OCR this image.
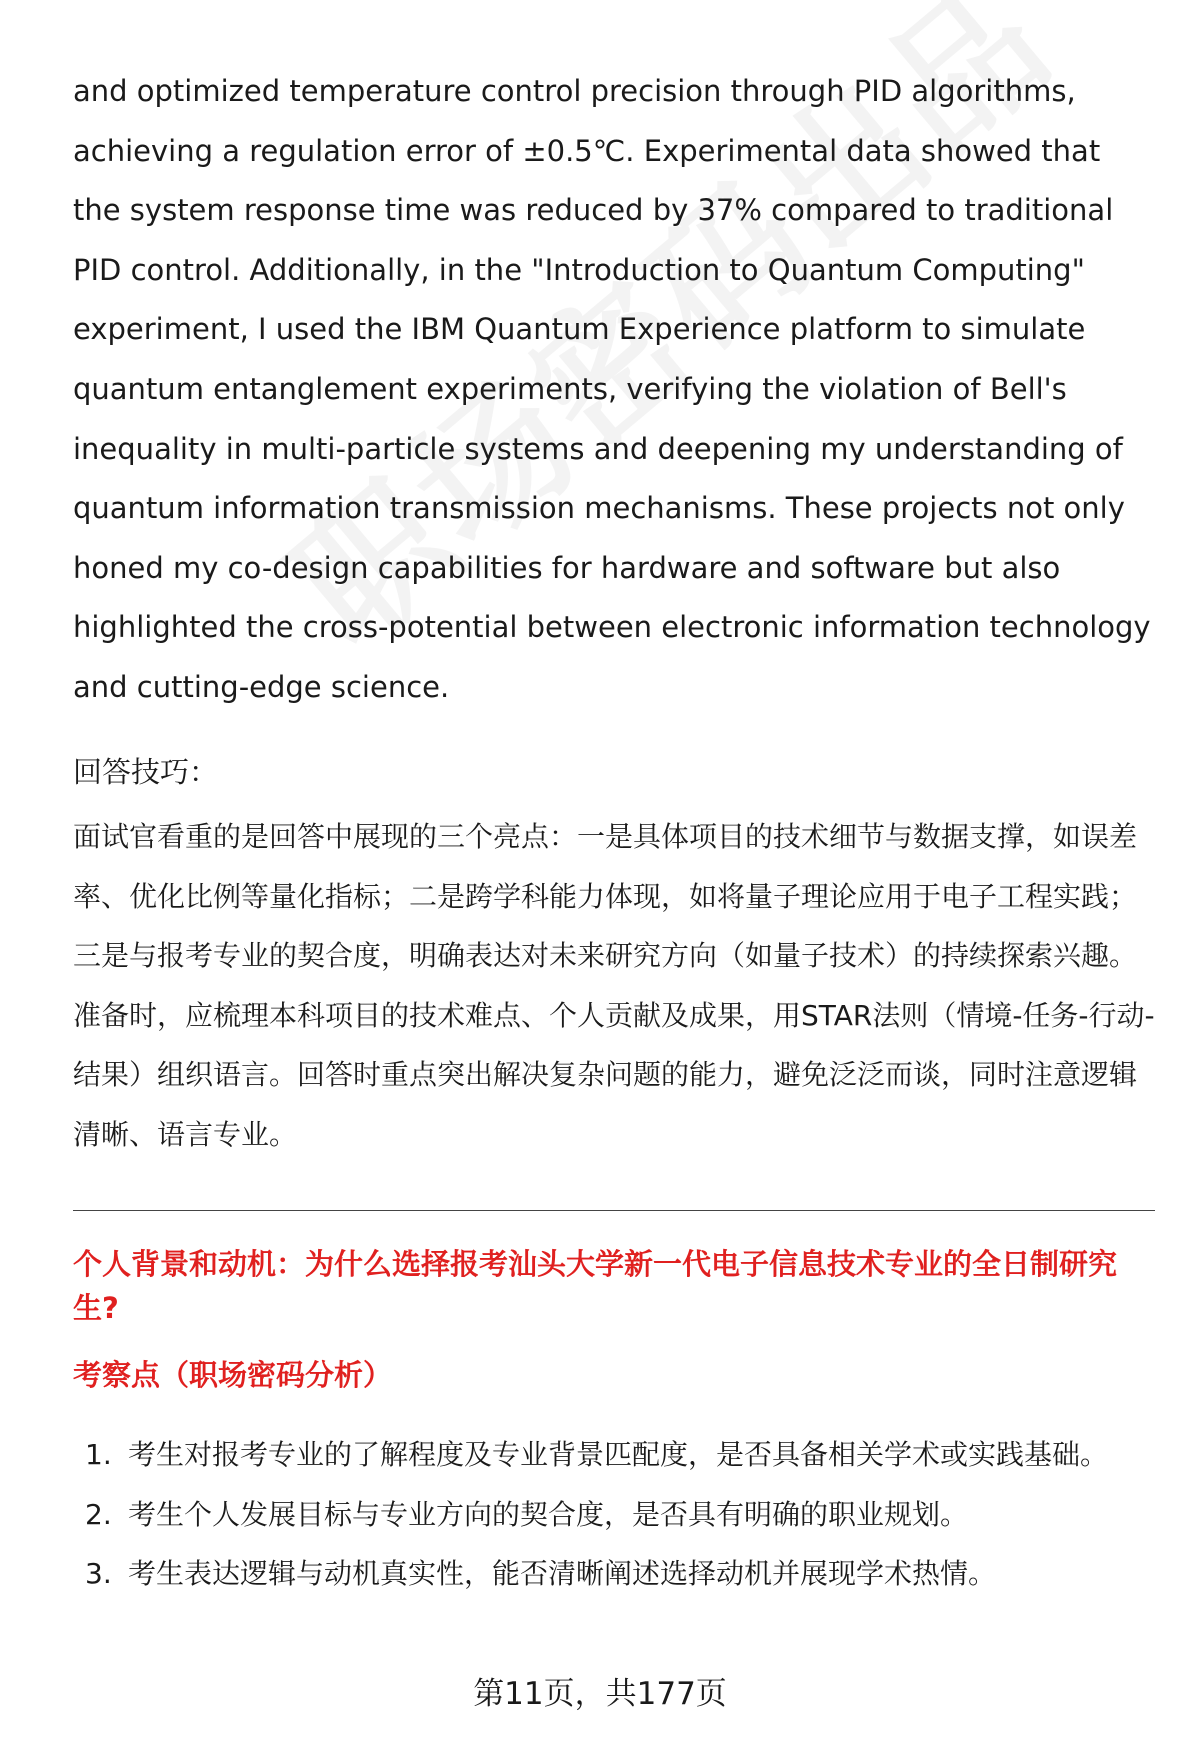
and optimized temperature control precision through PID algorithms, achieving a regulation error of ±0.5℃. Experimental data showed that the system response time was reduced by 37% compared to traditional PID control. Additionally, in the "Introduction to Quantum Computing" experiment, I used the IBM Quantum Experience platform to simulate quantum entanglement experiments, verifying the violation of Bell's inequality in multi-particle systems and deepening my understanding of quantum information transmission mechanisms. These projects not only honed my co-design capabilities for hardware and software but also highlighted the cross-potential between electronic information technology and cutting-edge science.

回答技巧：

面试官看重的是回答中展现的三个亮点：一是具体项目的技术细节与数据支撑，如误差率、优化比例等量化指标；二是跨学科能力体现，如将量子理论应用于电子工程实践；三是与报考专业的契合度，明确表达对未来研究方向（如量子技术）的持续探索兴趣。准备时，应梳理本科项目的技术难点、个人贡献及成果，用STAR法则（情境-任务-行动-结果）组织语言。回答时重点突出解决复杂问题的能力，避免泛泛而谈，同时注意逻辑清晰、语言专业。

个人背景和动机：为什么选择报考汕头大学新一代电子信息技术专业的全日制研究生?
考察点（职场密码分析）
1. 考生对报考专业的了解程度及专业背景匹配度，是否具备相关学术或实践基础。
2. 考生个人发展目标与专业方向的契合度，是否具有明确的职业规划。
3. 考生表达逻辑与动机真实性，能否清晰阐述选择动机并展现学术热情。
第11页，共177页
